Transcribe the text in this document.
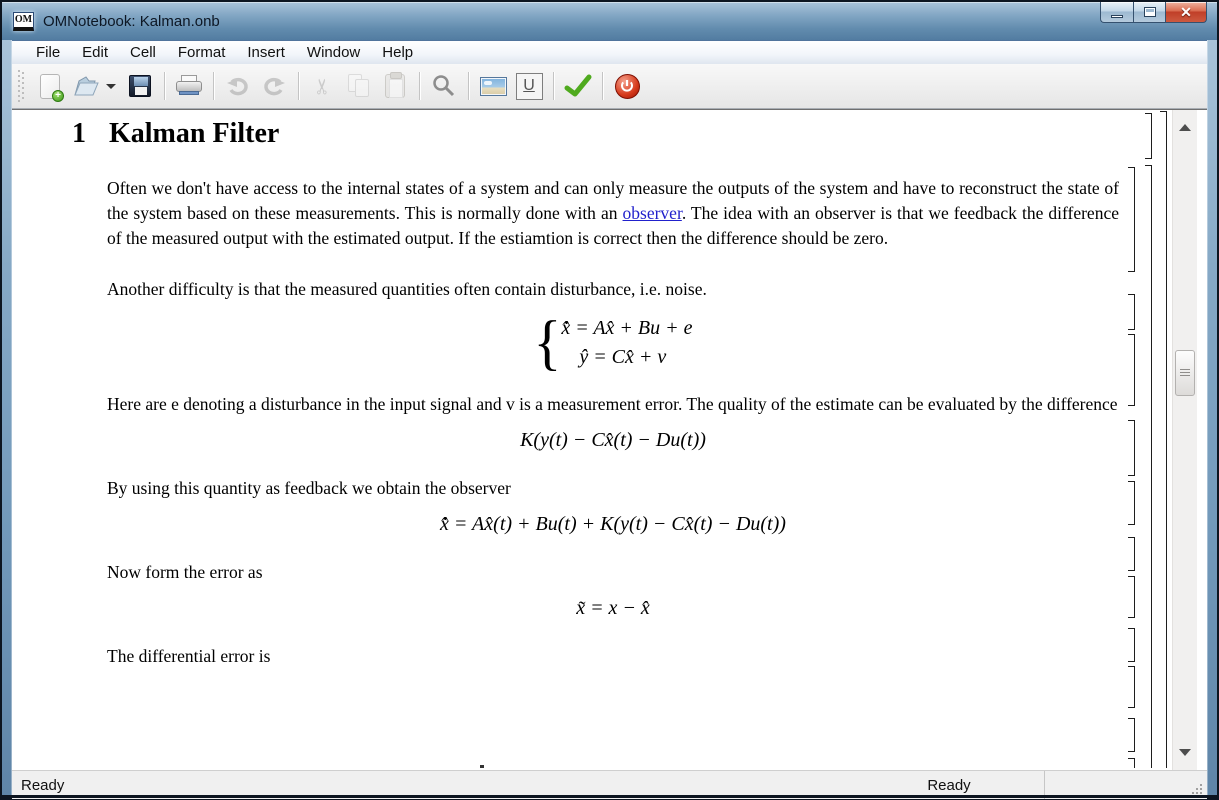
OM OMNotebook: Kalman.onb
✕
File	Edit	Cell	Format	Insert	Window	Help
+
✂	U
1 Kalman Filter

Often we don't have access to the internal states of a system and can only measure the outputs of the system and have to reconstruct the state of the system based on these measurements. This is normally done with an observer. The idea with an observer is that we feedback the difference of the measured output with the estimated output. If the estiamtion is correct then the difference should be zero.

Another difficulty is that the measured quantities often contain disturbance, i.e. noise.

{ x̂̇ = Ax̂ + Bu + e
ŷ = Cx̂ + v

Here are e denoting a disturbance in the input signal and v is a measurement error. The quality of the estimate can be evaluated by the difference

K(y(t) − Cx̂(t) − Du(t))

By using this quantity as feedback we obtain the observer

x̂̇ = Ax̂(t) + Bu(t) + K(y(t) − Cx̂(t) − Du(t))

Now form the error as

x̃ = x − x̂

The differential error is

Ready	Ready
